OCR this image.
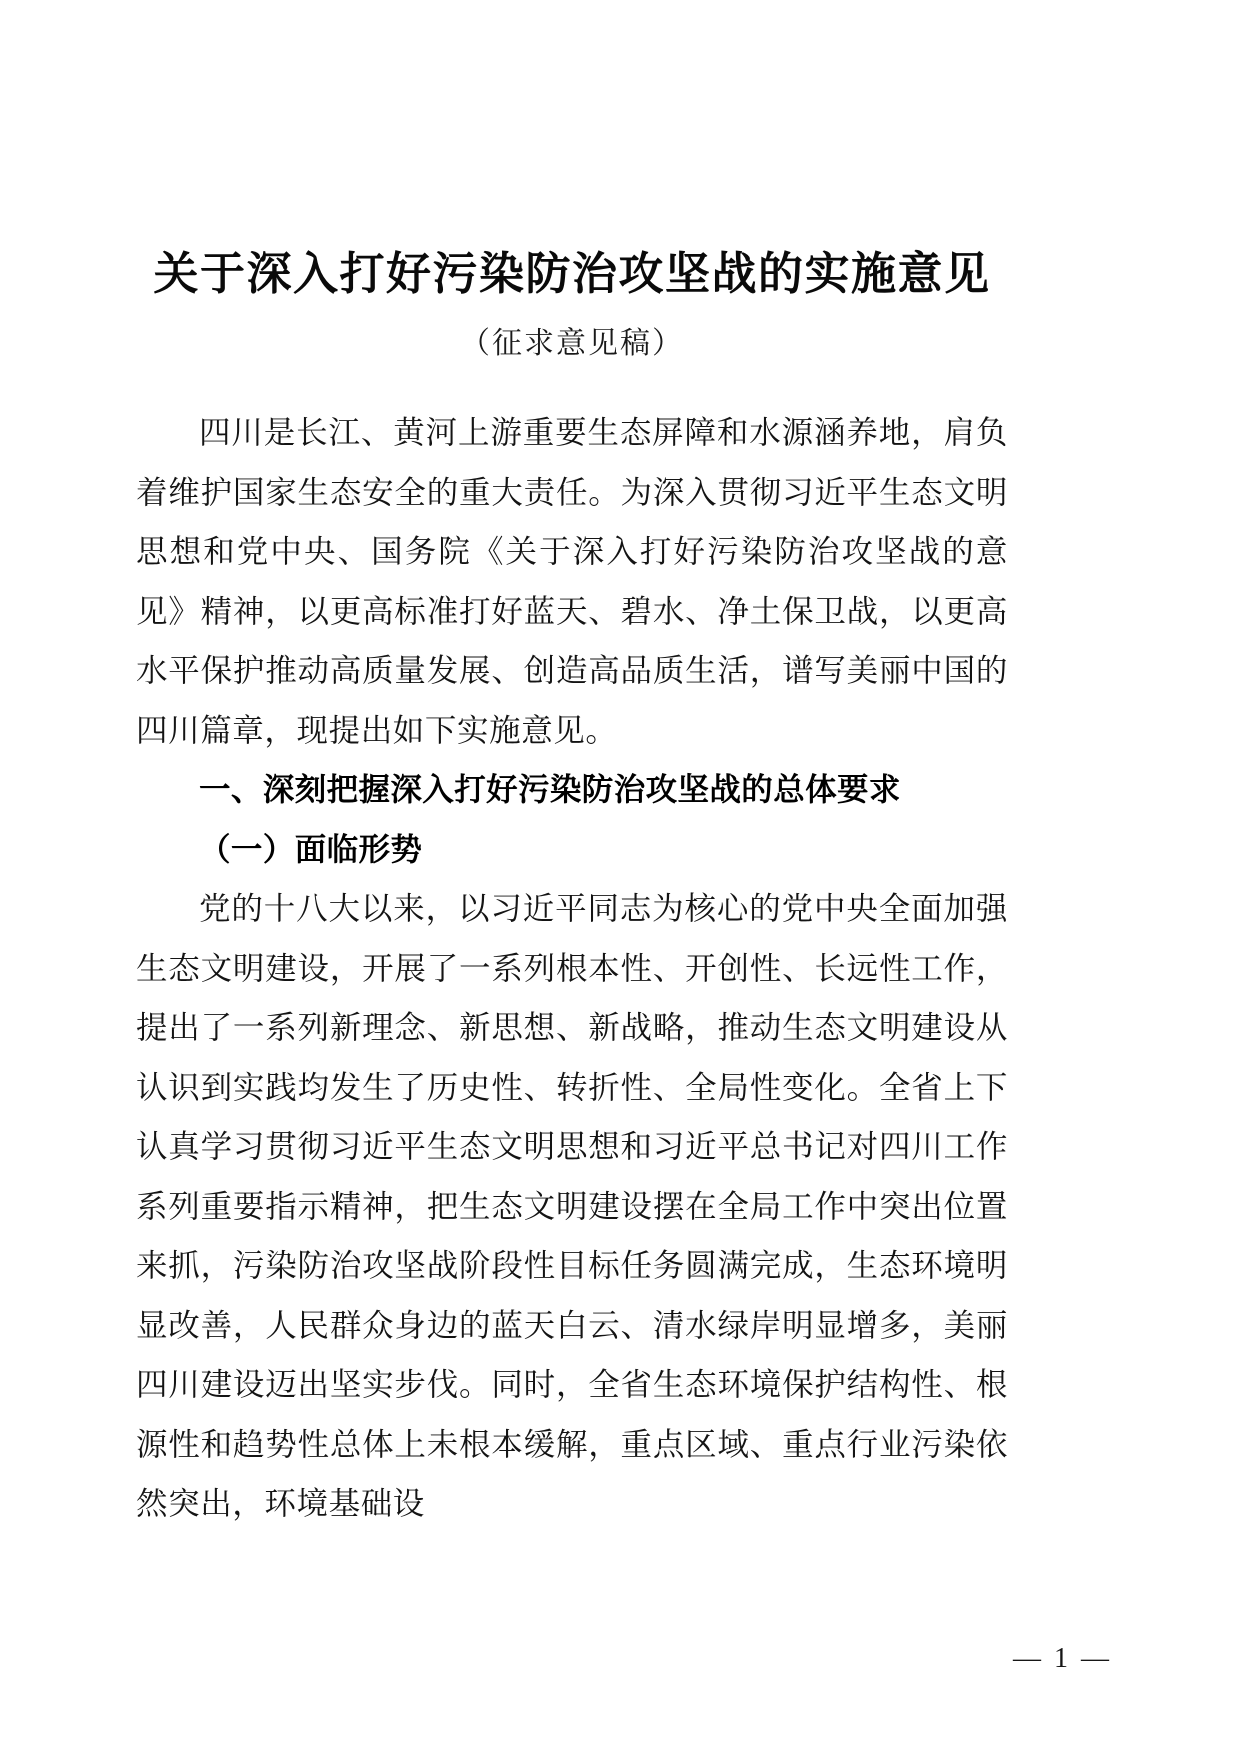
关于深入打好污染防治攻坚战的实施意见
（征求意见稿）

四川是长江、黄河上游重要生态屏障和水源涵养地，肩负着维护国家生态安全的重大责任。为深入贯彻习近平生态文明思想和党中央、国务院《关于深入打好污染防治攻坚战的意见》精神，以更高标准打好蓝天、碧水、净土保卫战，以更高水平保护推动高质量发展、创造高品质生活，谱写美丽中国的四川篇章，现提出如下实施意见。

一、深刻把握深入打好污染防治攻坚战的总体要求
（一）面临形势

党的十八大以来，以习近平同志为核心的党中央全面加强生态文明建设，开展了一系列根本性、开创性、长远性工作，提出了一系列新理念、新思想、新战略，推动生态文明建设从认识到实践均发生了历史性、转折性、全局性变化。全省上下认真学习贯彻习近平生态文明思想和习近平总书记对四川工作系列重要指示精神，把生态文明建设摆在全局工作中突出位置来抓，污染防治攻坚战阶段性目标任务圆满完成，生态环境明显改善，人民群众身边的蓝天白云、清水绿岸明显增多，美丽四川建设迈出坚实步伐。同时，全省生态环境保护结构性、根源性和趋势性总体上未根本缓解，重点区域、重点行业污染依然突出，环境基础设

— 1 —
